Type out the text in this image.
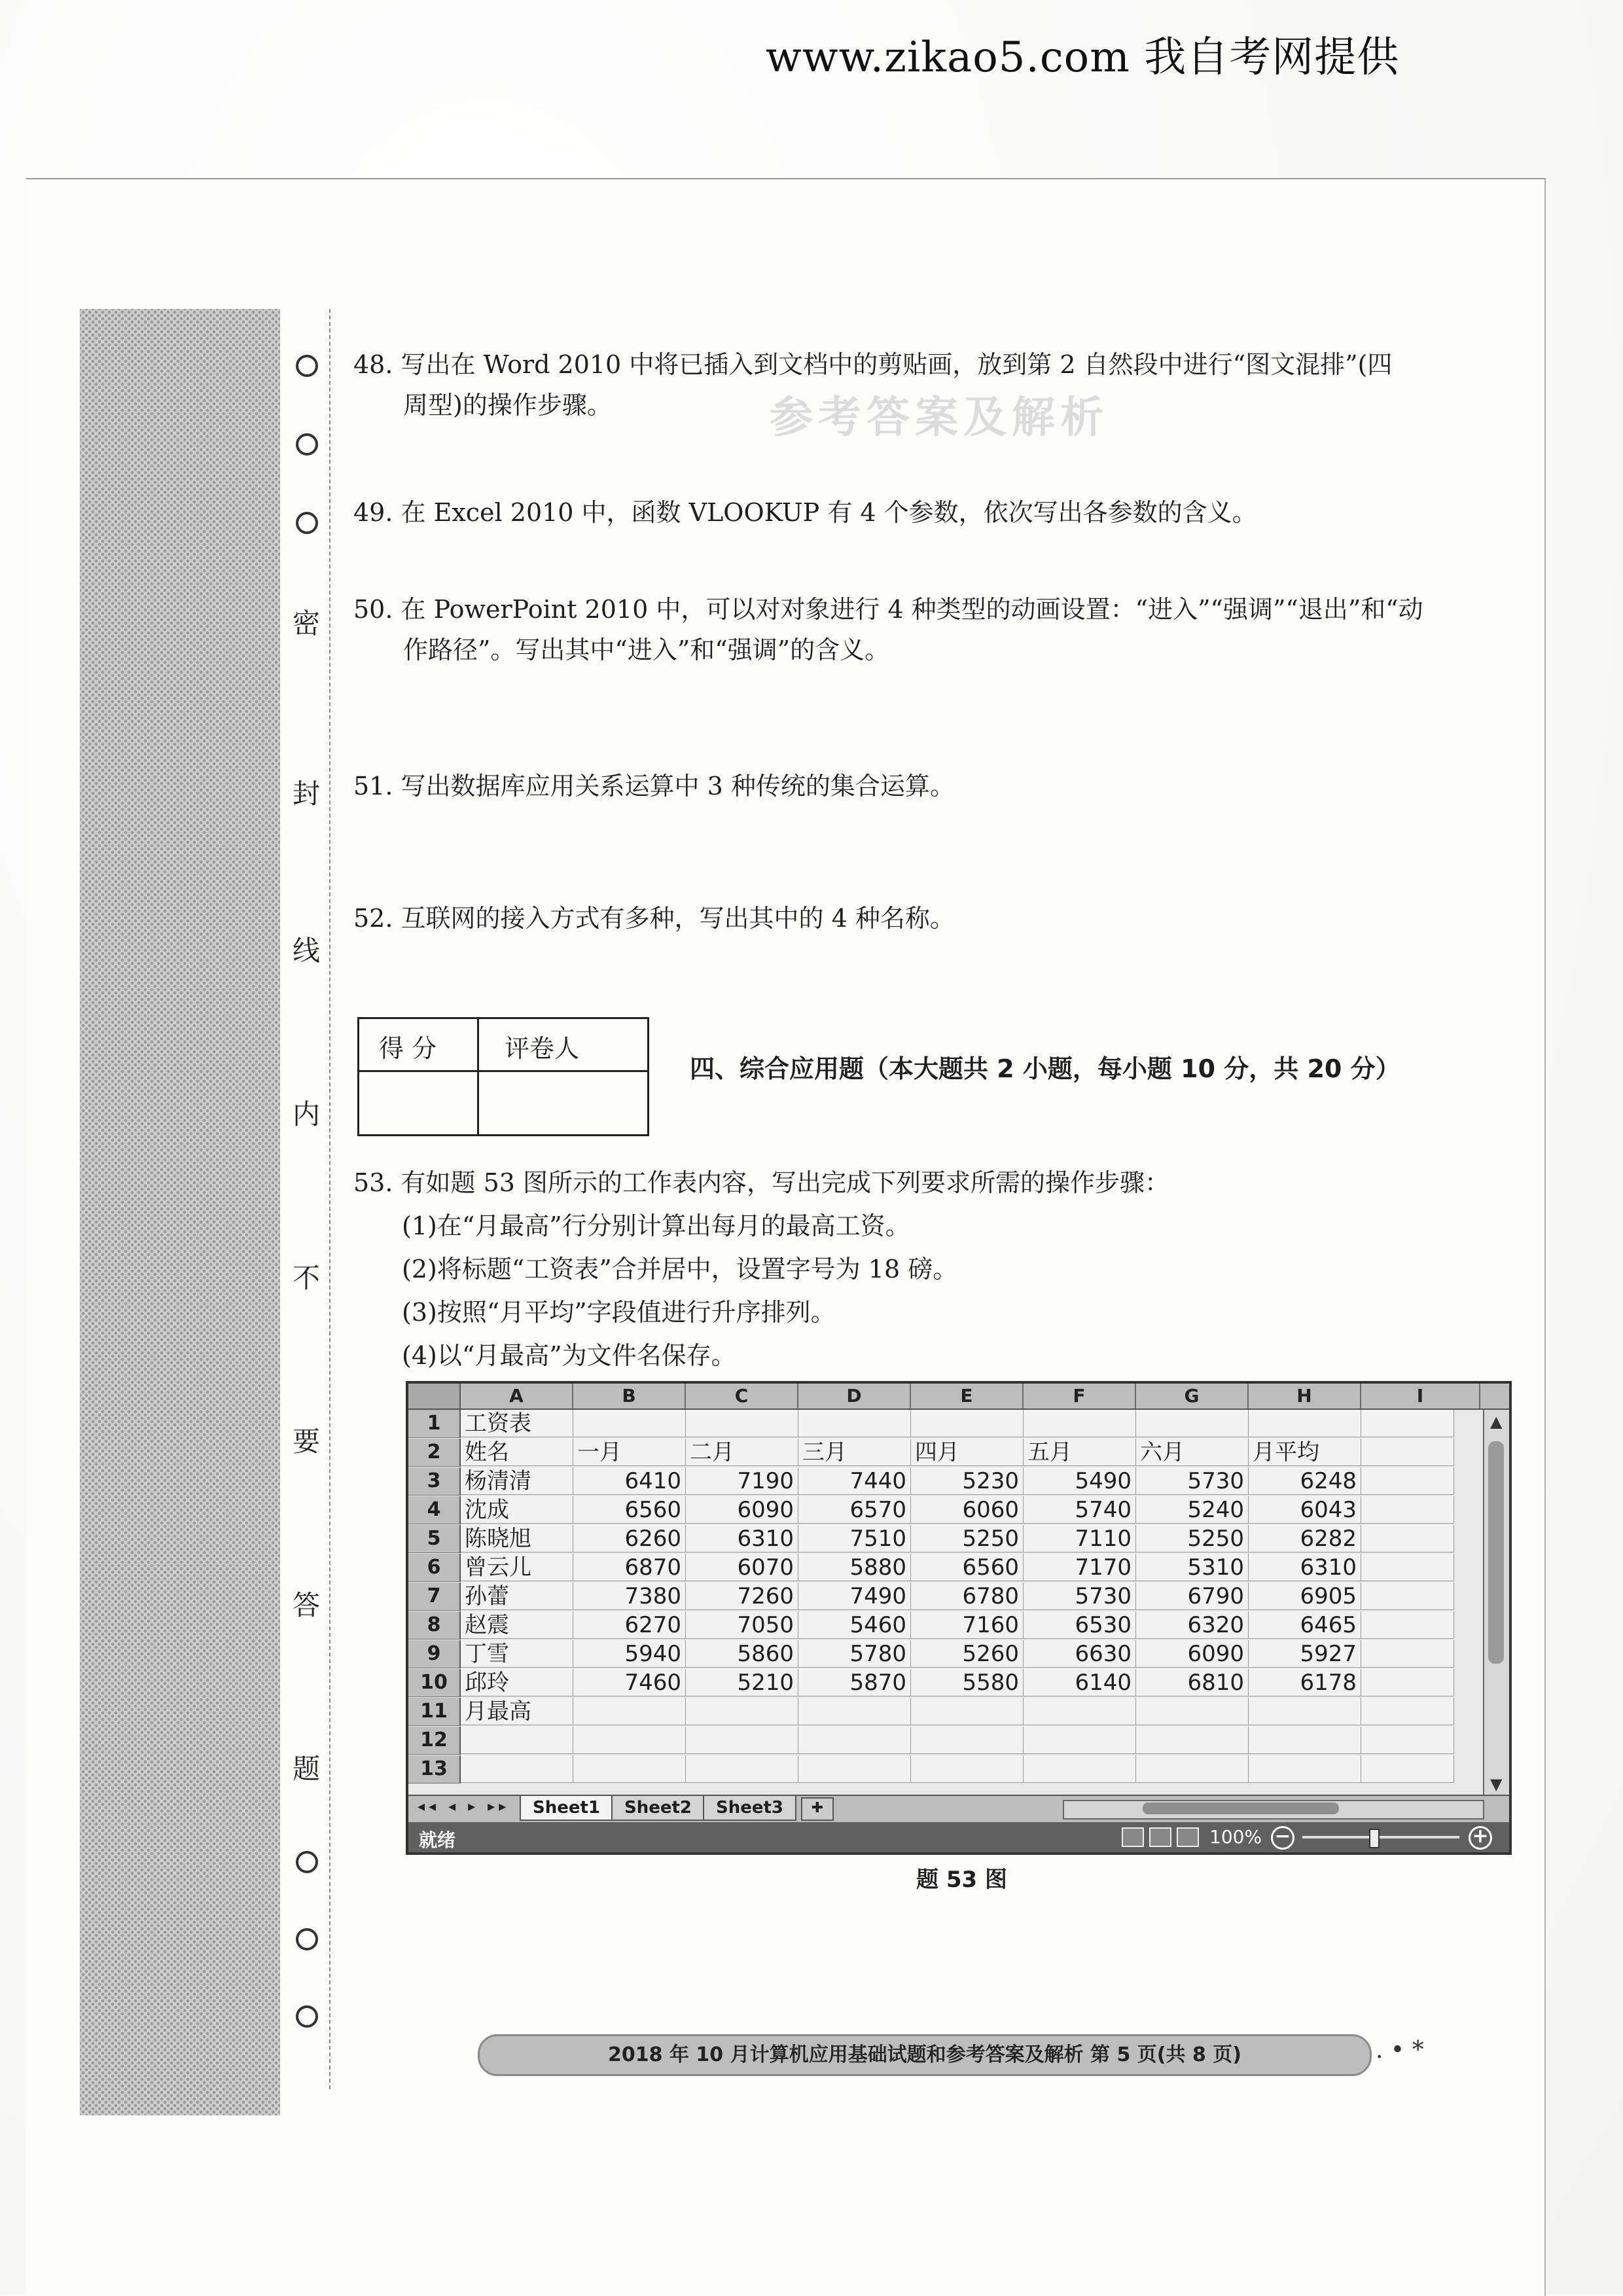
www.zikao5.com 我自考网提供
参考答案及解析
密
封
线
内
不
要
答
题
48. 写出在 Word 2010 中将已插入到文档中的剪贴画，放到第 2 自然段中进行“图文混排”(四

周型)的操作步骤。
49. 在 Excel 2010 中，函数 VLOOKUP 有 4 个参数，依次写出各参数的含义。
50. 在 PowerPoint 2010 中，可以对对象进行 4 种类型的动画设置：“进入”“强调”“退出”和“动

作路径”。写出其中“进入”和“强调”的含义。
51. 写出数据库应用关系运算中 3 种传统的集合运算。
52. 互联网的接入方式有多种，写出其中的 4 种名称。
得 分	评卷人
四、综合应用题（本大题共 2 小题，每小题 10 分，共 20 分）
53. 有如题 53 图所示的工作表内容，写出完成下列要求所需的操作步骤：
(1)在“月最高”行分别计算出每月的最高工资。
(2)将标题“工资表”合并居中，设置字号为 18 磅。
(3)按照“月平均”字段值进行升序排列。
(4)以“月最高”为文件名保存。
A	B	C	D	E	F	G	H	I
1	工资表
2	姓名	一月	二月	三月	四月	五月	六月	月平均
3	杨清清	6410	7190	7440	5230	5490	5730	6248
4	沈成	6560	6090	6570	6060	5740	5240	6043
5	陈晓旭	6260	6310	7510	5250	7110	5250	6282
6	曾云儿	6870	6070	5880	6560	7170	5310	6310
7	孙蕾	7380	7260	7490	6780	5730	6790	6905
8	赵震	6270	7050	5460	7160	6530	6320	6465
9	丁雪	5940	5860	5780	5260	6630	6090	5927
10 邱玲	7460	5210	5870	5580	6140	6810	6178
11 月最高
12
13
▲
▼
◂◂ ◂ ▸ ▸▸	Sheet1	Sheet2	Sheet3	✚
就绪	100% −	+
题 53 图
2018 年 10 月计算机应用基础试题和参考答案及解析 第 5 页(共 8 页)	. • *
